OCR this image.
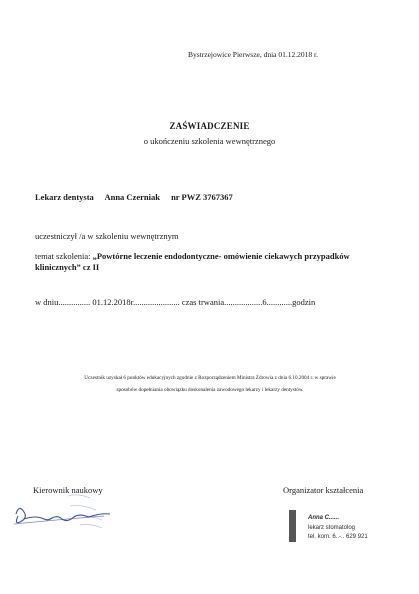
Bystrzejowice Pierwsze, dnia 01.12.2018 r.
ZAŚWIADCZENIE
o ukończeniu szkolenia wewnętrznego
Lekarz dentysta Anna Czerniak nr PWZ 3767367
uczestniczył /a w szkoleniu wewnętrznym
temat szkolenia: „Powtórne leczenie endodontyczne- omówienie ciekawych przypadków klinicznych” cz II
w dniu............... 01.12.2018r...................... czas trwania..................6............godzin
Uczestnik uzyskał 6 punktów edukacyjnych zgodnie z Rozporządzeniem Ministra Zdrowia z dnia 6.10.2004 r. w sprawie
sposobów dopełniania obowiązku doskonalenia zawodowego lekarzy i lekarzy dentystów.
Kierownik naukowy	Organizator kształcenia
Anna C......
lekarz stomatolog
tel. kom. 6..-.. 629 921
